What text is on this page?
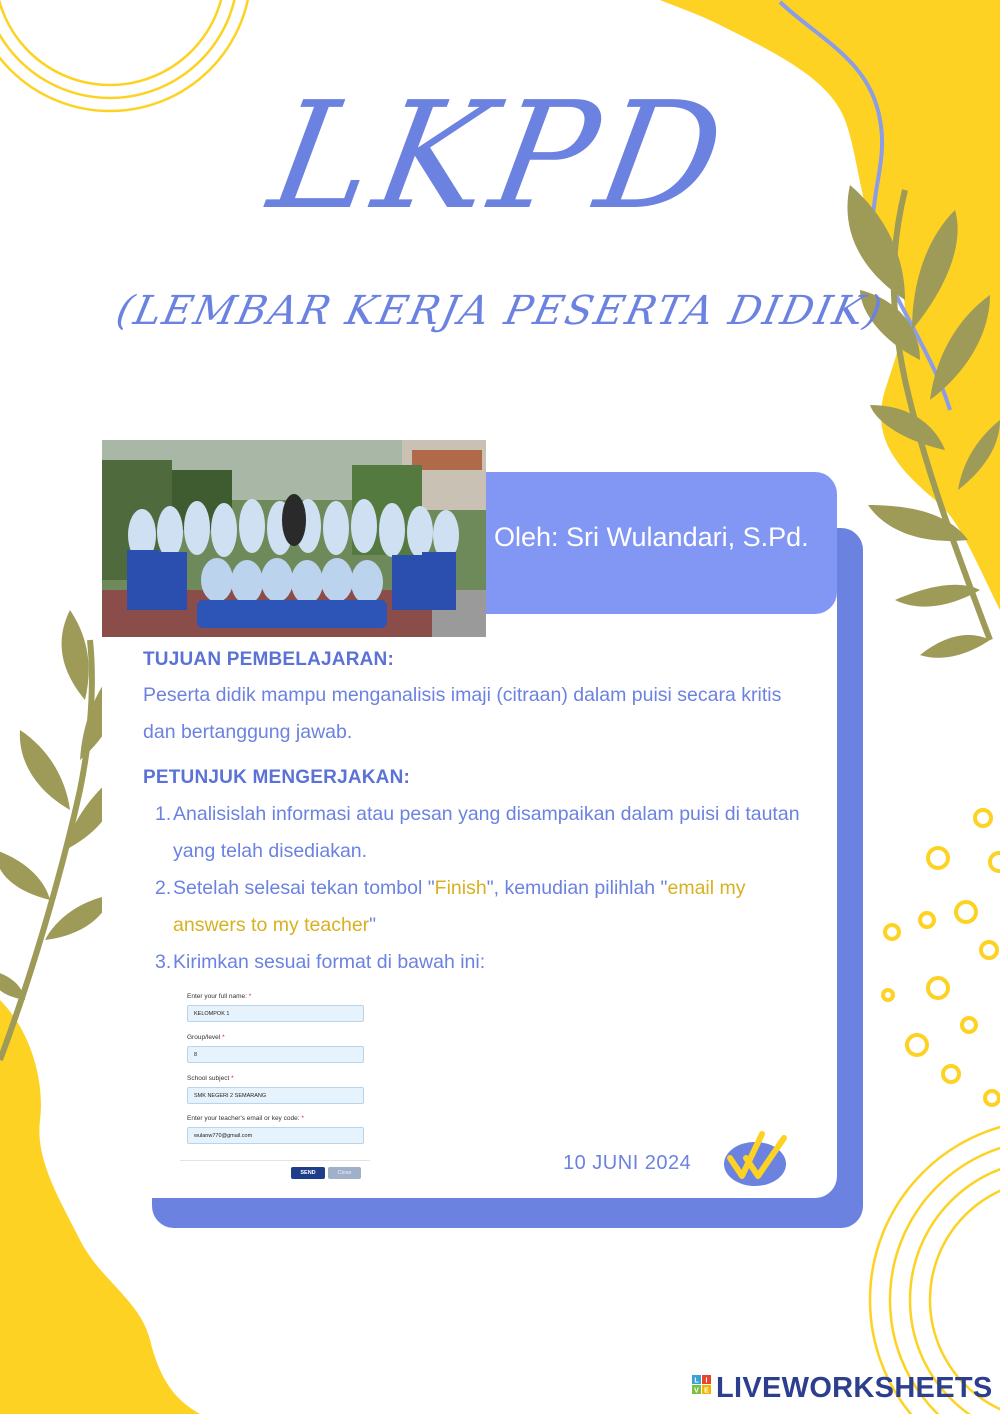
LKPD
(LEMBAR KERJA PESERTA DIDIK)
Oleh: Sri Wulandari, S.Pd.
TUJUAN PEMBELAJARAN:
Peserta didik mampu menganalisis imaji (citraan) dalam puisi secara kritis dan bertanggung jawab.
PETUNJUK MENGERJAKAN:
1. Analisislah informasi atau pesan yang disampaikan dalam puisi di tautan yang telah disediakan.
2. Setelah selesai tekan tombol "Finish", kemudian pilihlah "email my answers to my teacher"
3. Kirimkan sesuai format di bawah ini:
Enter your full name: *
KELOMPOK 1
Group/level *
8
School subject *
SMK NEGERI 2 SEMARANG
Enter your teacher's email or key code: *
wulanw770@gmail.com
SEND	Close	10 JUNI 2024
L I
V E LIVEWORKSHEETS
